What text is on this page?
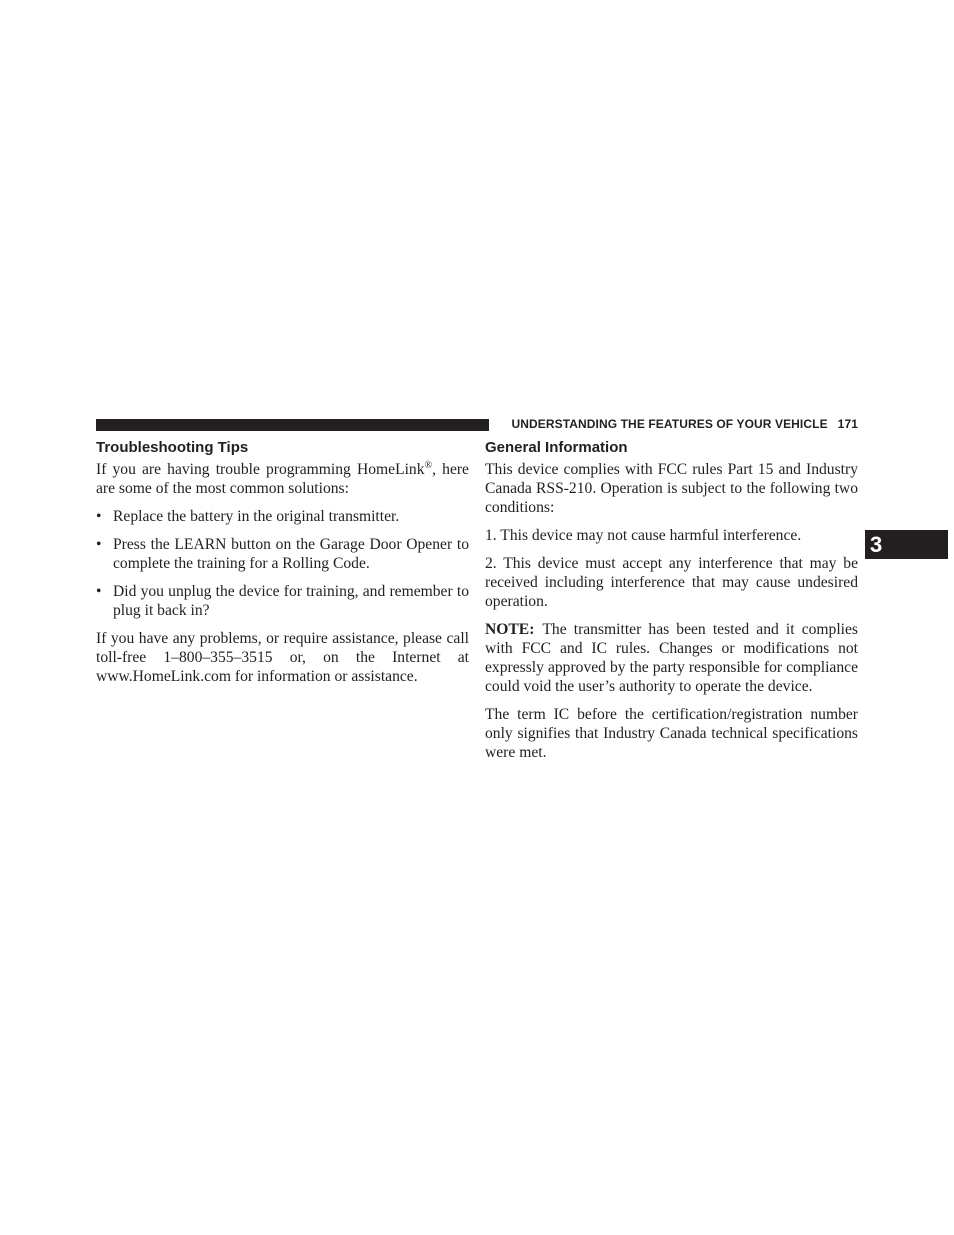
UNDERSTANDING THE FEATURES OF YOUR VEHICLE 171
3
Troubleshooting Tips

If you are having trouble programming HomeLink®, here are some of the most common solutions:

• Replace the battery in the original transmitter.
• Press the LEARN button on the Garage Door Opener to complete the training for a Rolling Code.
• Did you unplug the device for training, and remember to plug it back in?

If you have any problems, or require assistance, please call toll-free 1–800–355–3515 or, on the Internet at www.HomeLink.com for information or assistance.

General Information

This device complies with FCC rules Part 15 and Industry Canada RSS-210. Operation is subject to the following two conditions:

1. This device may not cause harmful interference.

2. This device must accept any interference that may be received including interference that may cause undesired operation.

NOTE: The transmitter has been tested and it complies with FCC and IC rules. Changes or modifications not expressly approved by the party responsible for compliance could void the user’s authority to operate the device.

The term IC before the certification/registration number only signifies that Industry Canada technical specifications were met.
